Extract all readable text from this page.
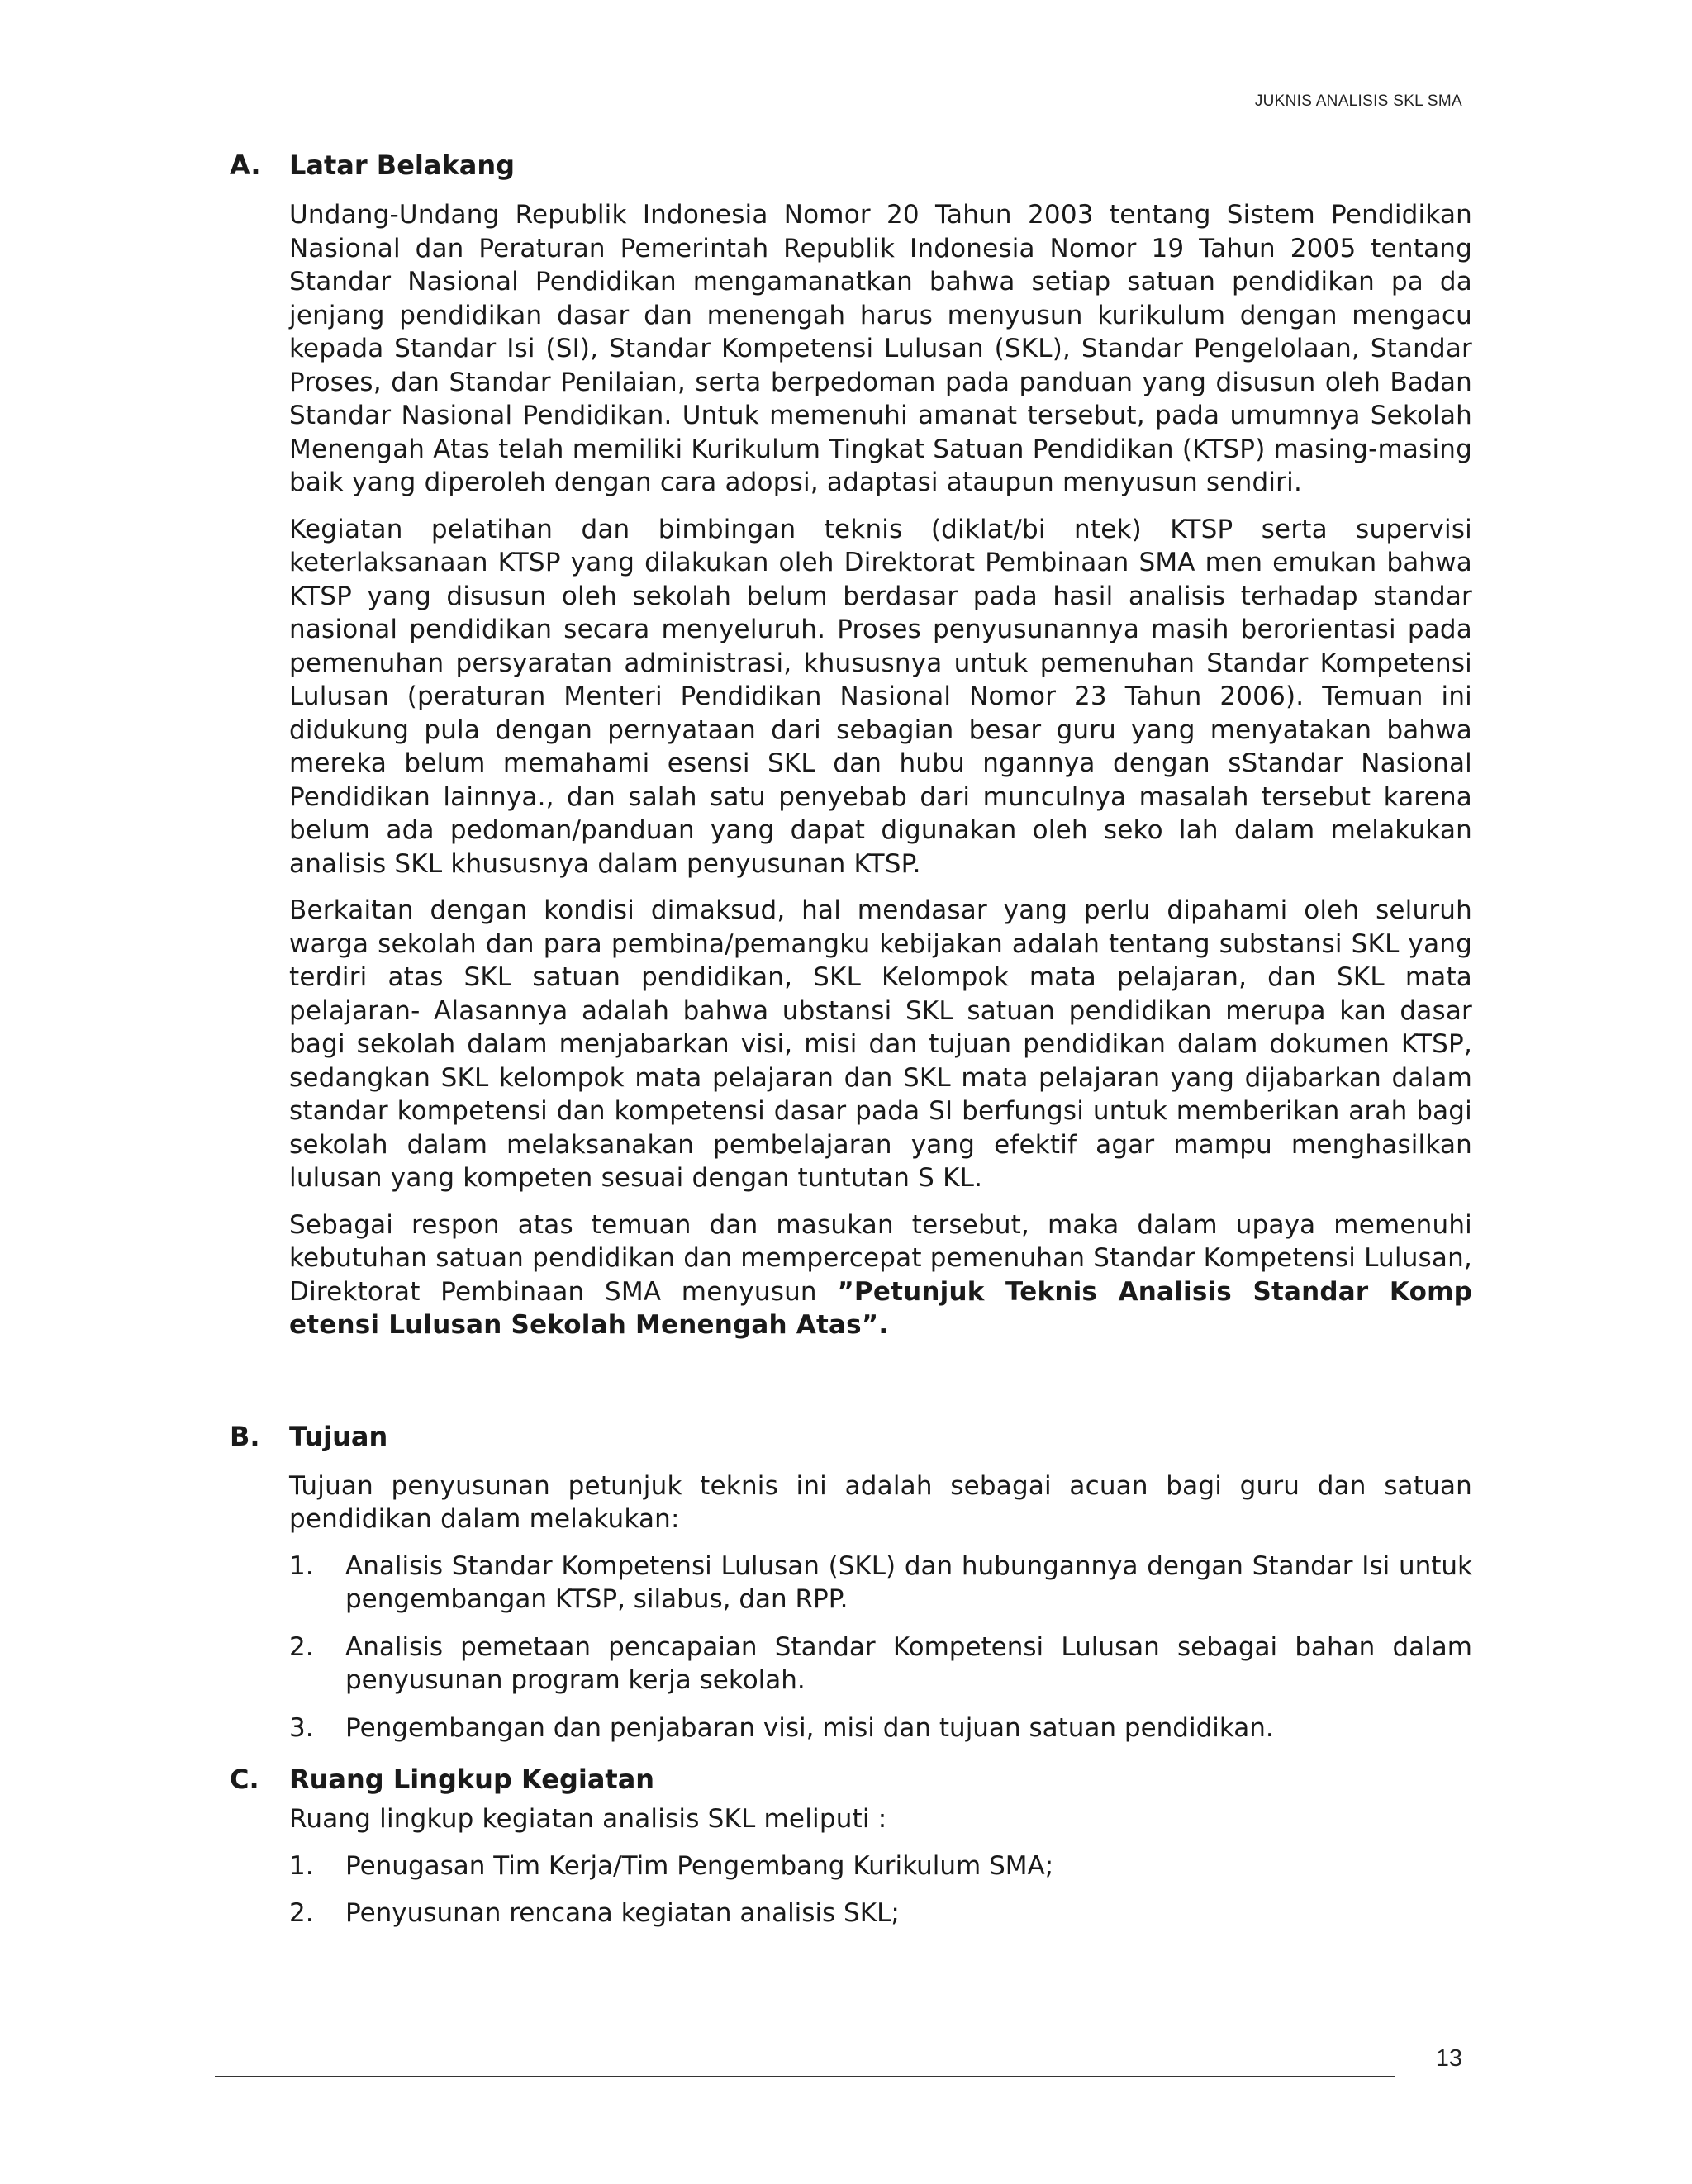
JUKNIS ANALISIS SKL SMA
A.	Latar Belakang

Undang-Undang Republik Indonesia Nomor 20 Tahun 2003 tentang Sistem Pendidikan Nasional dan Peraturan Pemerintah Republik Indonesia Nomor 19 Tahun 2005 tentang Standar Nasional Pendidikan mengamanatkan bahwa setiap satuan pendidikan pa da jenjang pendidikan dasar dan menengah harus menyusun kurikulum dengan mengacu kepada Standar Isi (SI), Standar Kompetensi Lulusan (SKL), Standar Pengelolaan, Standar Proses, dan Standar Penilaian, serta berpedoman pada panduan yang disusun oleh Badan Standar Nasional Pendidikan. Untuk memenuhi amanat tersebut, pada umumnya Sekolah Menengah Atas telah memiliki Kurikulum Tingkat Satuan Pendidikan (KTSP) masing-masing baik yang diperoleh dengan cara adopsi, adaptasi ataupun menyusun sendiri.

Kegiatan pelatihan dan bimbingan teknis (diklat/bi ntek) KTSP serta supervisi keterlaksanaan KTSP yang dilakukan oleh Direktorat Pembinaan SMA men emukan bahwa KTSP yang disusun oleh sekolah belum berdasar pada hasil analisis terhadap standar nasional pendidikan secara menyeluruh. Proses penyusunannya masih berorientasi pada pemenuhan persyaratan administrasi, khususnya untuk pemenuhan Standar Kompetensi Lulusan (peraturan Menteri Pendidikan Nasional Nomor 23 Tahun 2006). Temuan ini didukung pula dengan pernyataan dari sebagian besar guru yang menyatakan bahwa mereka belum memahami esensi SKL dan hubu ngannya dengan sStandar Nasional Pendidikan lainnya., dan salah satu penyebab dari munculnya masalah tersebut karena belum ada pedoman/panduan yang dapat digunakan oleh seko lah dalam melakukan analisis SKL khususnya dalam penyusunan KTSP.

Berkaitan dengan kondisi dimaksud, hal mendasar yang perlu dipahami oleh seluruh warga sekolah dan para pembina/pemangku kebijakan adalah tentang substansi SKL yang terdiri atas SKL satuan pendidikan, SKL Kelompok mata pelajaran, dan SKL mata pelajaran- Alasannya adalah bahwa ubstansi SKL satuan pendidikan merupa kan dasar bagi sekolah dalam menjabarkan visi, misi dan tujuan pendidikan dalam dokumen KTSP, sedangkan SKL kelompok mata pelajaran dan SKL mata pelajaran yang dijabarkan dalam standar kompetensi dan kompetensi dasar pada SI berfungsi untuk memberikan arah bagi sekolah dalam melaksanakan pembelajaran yang efektif agar mampu menghasilkan lulusan yang kompeten sesuai dengan tuntutan S KL.

Sebagai respon atas temuan dan masukan tersebut, maka dalam upaya memenuhi kebutuhan satuan pendidikan dan mempercepat pemenuhan Standar Kompetensi Lulusan, Direktorat Pembinaan SMA menyusun ”Petunjuk Teknis Analisis Standar Komp etensi Lulusan Sekolah Menengah Atas”.

B.	Tujuan

Tujuan penyusunan petunjuk teknis ini adalah sebagai acuan bagi guru dan satuan pendidikan dalam melakukan:

1.	Analisis Standar Kompetensi Lulusan (SKL) dan hubungannya dengan Standar Isi untuk pengembangan KTSP, silabus, dan RPP.
2.	Analisis pemetaan pencapaian Standar Kompetensi Lulusan sebagai bahan dalam penyusunan program kerja sekolah.
3.	Pengembangan dan penjabaran visi, misi dan tujuan satuan pendidikan.
C.	Ruang Lingkup Kegiatan

Ruang lingkup kegiatan analisis SKL meliputi :

1.	Penugasan Tim Kerja/Tim Pengembang Kurikulum SMA;
2.	Penyusunan rencana kegiatan analisis SKL;
13
